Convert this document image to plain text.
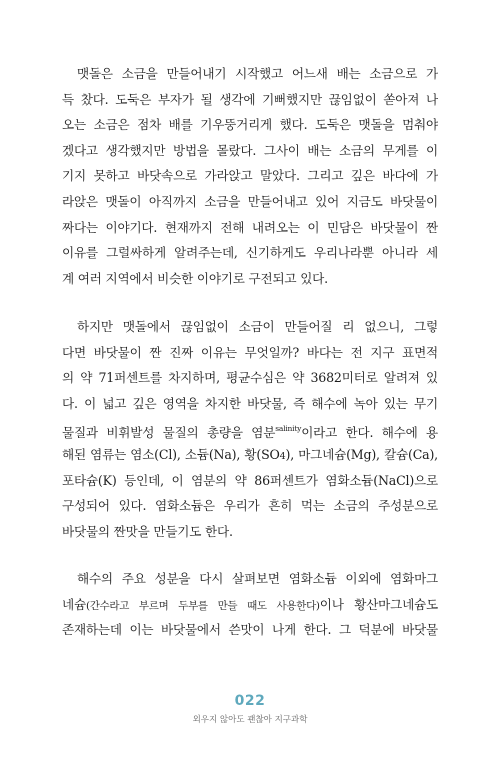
맷돌은 소금을 만들어내기 시작했고 어느새 배는 소금으로 가
득 찼다. 도둑은 부자가 될 생각에 기뻐했지만 끊임없이 쏟아져 나
오는 소금은 점차 배를 기우뚱거리게 했다. 도둑은 맷돌을 멈춰야
겠다고 생각했지만 방법을 몰랐다. 그사이 배는 소금의 무게를 이
기지 못하고 바닷속으로 가라앉고 말았다. 그리고 깊은 바다에 가
라앉은 맷돌이 아직까지 소금을 만들어내고 있어 지금도 바닷물이
짜다는 이야기다. 현재까지 전해 내려오는 이 민담은 바닷물이 짠
이유를 그럴싸하게 알려주는데, 신기하게도 우리나라뿐 아니라 세
계 여러 지역에서 비슷한 이야기로 구전되고 있다.
하지만 맷돌에서 끊임없이 소금이 만들어질 리 없으니, 그렇
다면 바닷물이 짠 진짜 이유는 무엇일까? 바다는 전 지구 표면적
의 약 71퍼센트를 차지하며, 평균수심은 약 3682미터로 알려져 있
다. 이 넓고 깊은 영역을 차지한 바닷물, 즉 해수에 녹아 있는 무기
물질과 비휘발성 물질의 총량을 염분$^{salinity}$이라고 한다. 해수에 용
해된 염류는 염소(Cl), 소듐(Na), 황(SO4), 마그네슘(Mg), 칼슘(Ca),
포타슘(K) 등인데, 이 염분의 약 86퍼센트가 염화소듐(NaCl)으로
구성되어 있다. 염화소듐은 우리가 흔히 먹는 소금의 주성분으로
바닷물의 짠맛을 만들기도 한다.
해수의 주요 성분을 다시 살펴보면 염화소듐 이외에 염화마그
네슘(간수라고 부르며 두부를 만들 때도 사용한다)이나 황산마그네슘도
존재하는데 이는 바닷물에서 쓴맛이 나게 한다. 그 덕분에 바닷물
022
외우지 않아도 괜찮아 지구과학
